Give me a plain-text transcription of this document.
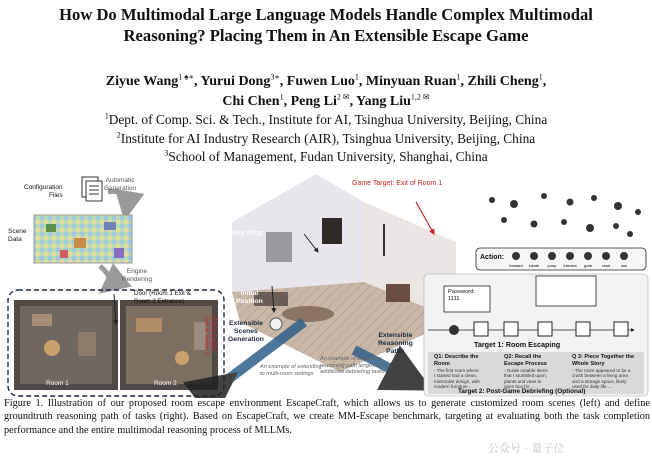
How Do Multimodal Large Language Models Handle Complex Multimodal
Reasoning? Placing Them in An Extensible Escape Game
Ziyue Wang$^{1 ♠∗}$, Yurui Dong$^{3∗}$, Fuwen Luo$^1$, Minyuan Ruan$^1$, Zhili Cheng$^1$,
Chi Chen$^1$, Peng $Li^{2 ✉}$, Yang Liu$^{1,2 ✉}$
$^1$Dept. of Comp. Sci. & Tech., Institute for AI, Tsinghua University, Beijing, China
$^2$Institute for AI Industry Research (AIR), Tsinghua University, Beijing, China
$^3$School of Management, Fudan University, Shanghai, China
forward rotate jump interact grab read	use
Configuration
Files
Automatic
Generation
Scene
Data
Engine
Rendering
Door (Room 1 Exit &
Room 2 Entrance)
Game Target:
Exit of Room 2
Room 1	Room 2
Extensible
Scenes
Generation
An example of extending
to multi-room settings
Game Target: Exit of Room 1
Key Prop
Initial
Position
Extensible
Reasoning
Paths
An example of extending
reasoning path length, and
additional debriefing tasks
Action:
Password:
1111
Target 1: Room Escaping
Q1: Describe the
Room
- The first room where
I started had a clean,
minimalist design, with
modern furniture ...
Q2: Recall the
Escape Process
- Guide notable items
that I stumbled upon,
plants and vase to
open box for ...
Q 3: Piece Together the
Whole Story
- The room appeared to be a
crash between a living area
and a storage space, likely
used for daily life ...
Target 2: Post-Game Debriefing (Optional)
Figure 1. Illustration of our proposed room escape environment EscapeCraft, which allows us to generate customized room scenes (left) and define groundtruth reasoning path of tasks (right). Based on EscapeCraft, we create MM-Escape benchmark, targeting at evaluating both the task completion performance and the entire multimodal reasoning process of MLLMs.
公众号 · 量子位
